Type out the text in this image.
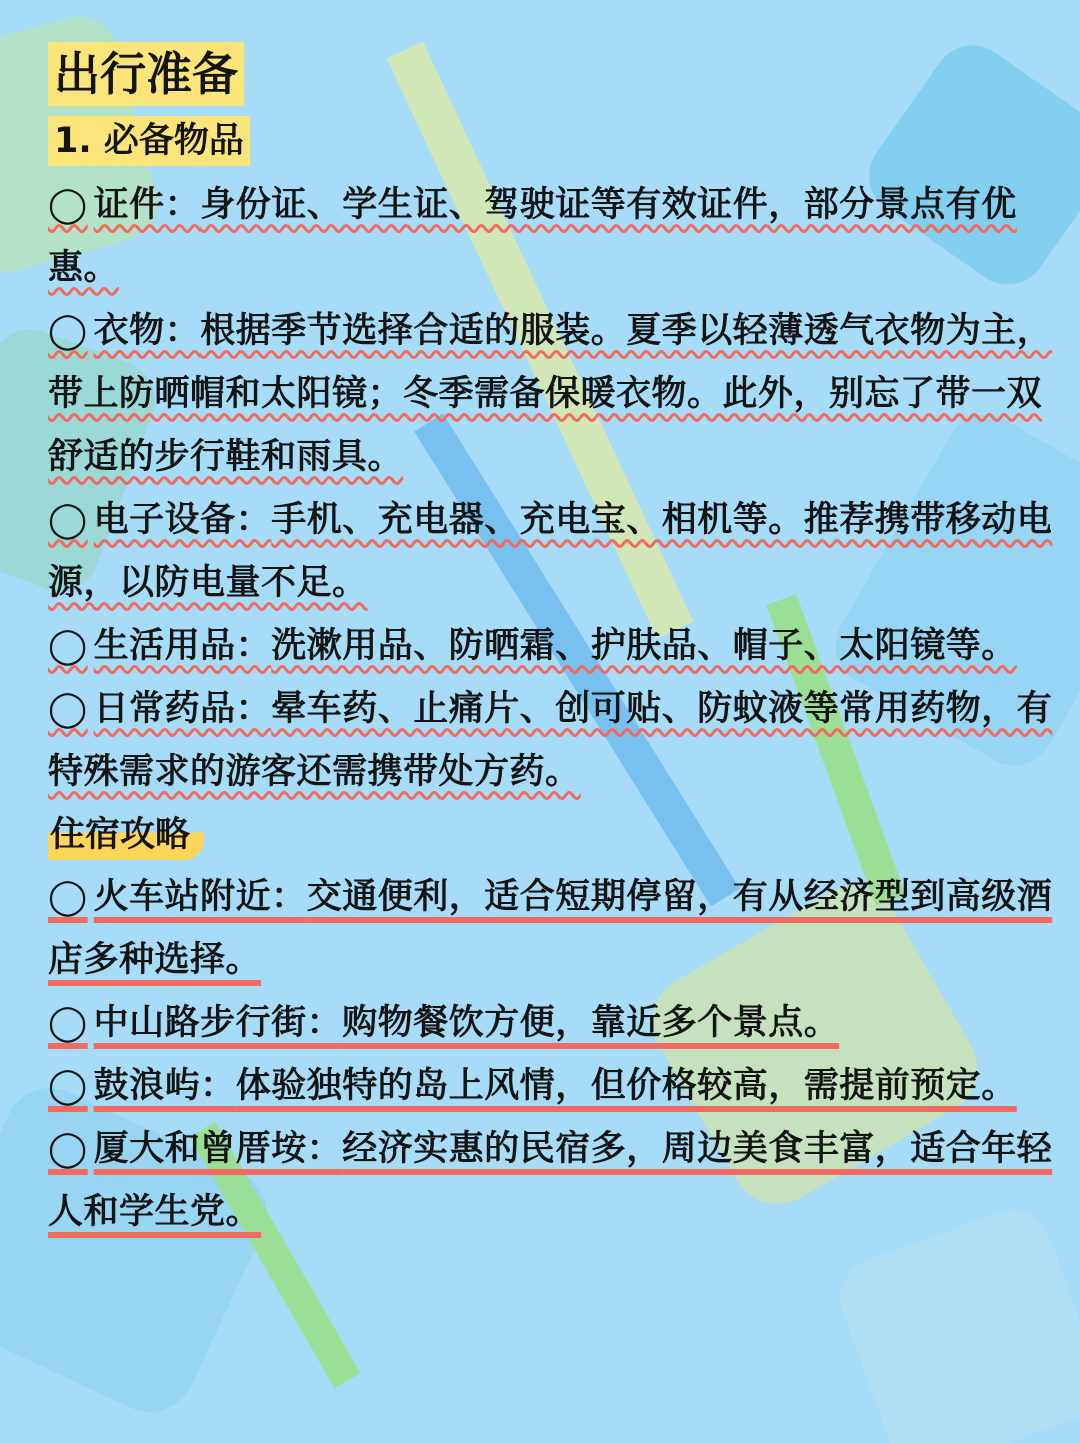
出行准备
1. 必备物品

◯ 证件：身份证、学生证、驾驶证等有效证件，部分景点有优惠。

◯ 衣物：根据季节选择合适的服装。夏季以轻薄透气衣物为主，带上防晒帽和太阳镜；冬季需备保暖衣物。此外，别忘了带一双舒适的步行鞋和雨具。

◯ 电子设备：手机、充电器、充电宝、相机等。推荐携带移动电源，以防电量不足。

◯ 生活用品：洗漱用品、防晒霜、护肤品、帽子、太阳镜等。

◯ 日常药品：晕车药、止痛片、创可贴、防蚊液等常用药物，有特殊需求的游客还需携带处方药。

住宿攻略

◯ 火车站附近：交通便利，适合短期停留，有从经济型到高级酒店多种选择。

◯ 中山路步行街：购物餐饮方便，靠近多个景点。

◯ 鼓浪屿：体验独特的岛上风情，但价格较高，需提前预定。

◯ 厦大和曾厝垵：经济实惠的民宿多，周边美食丰富，适合年轻人和学生党。
